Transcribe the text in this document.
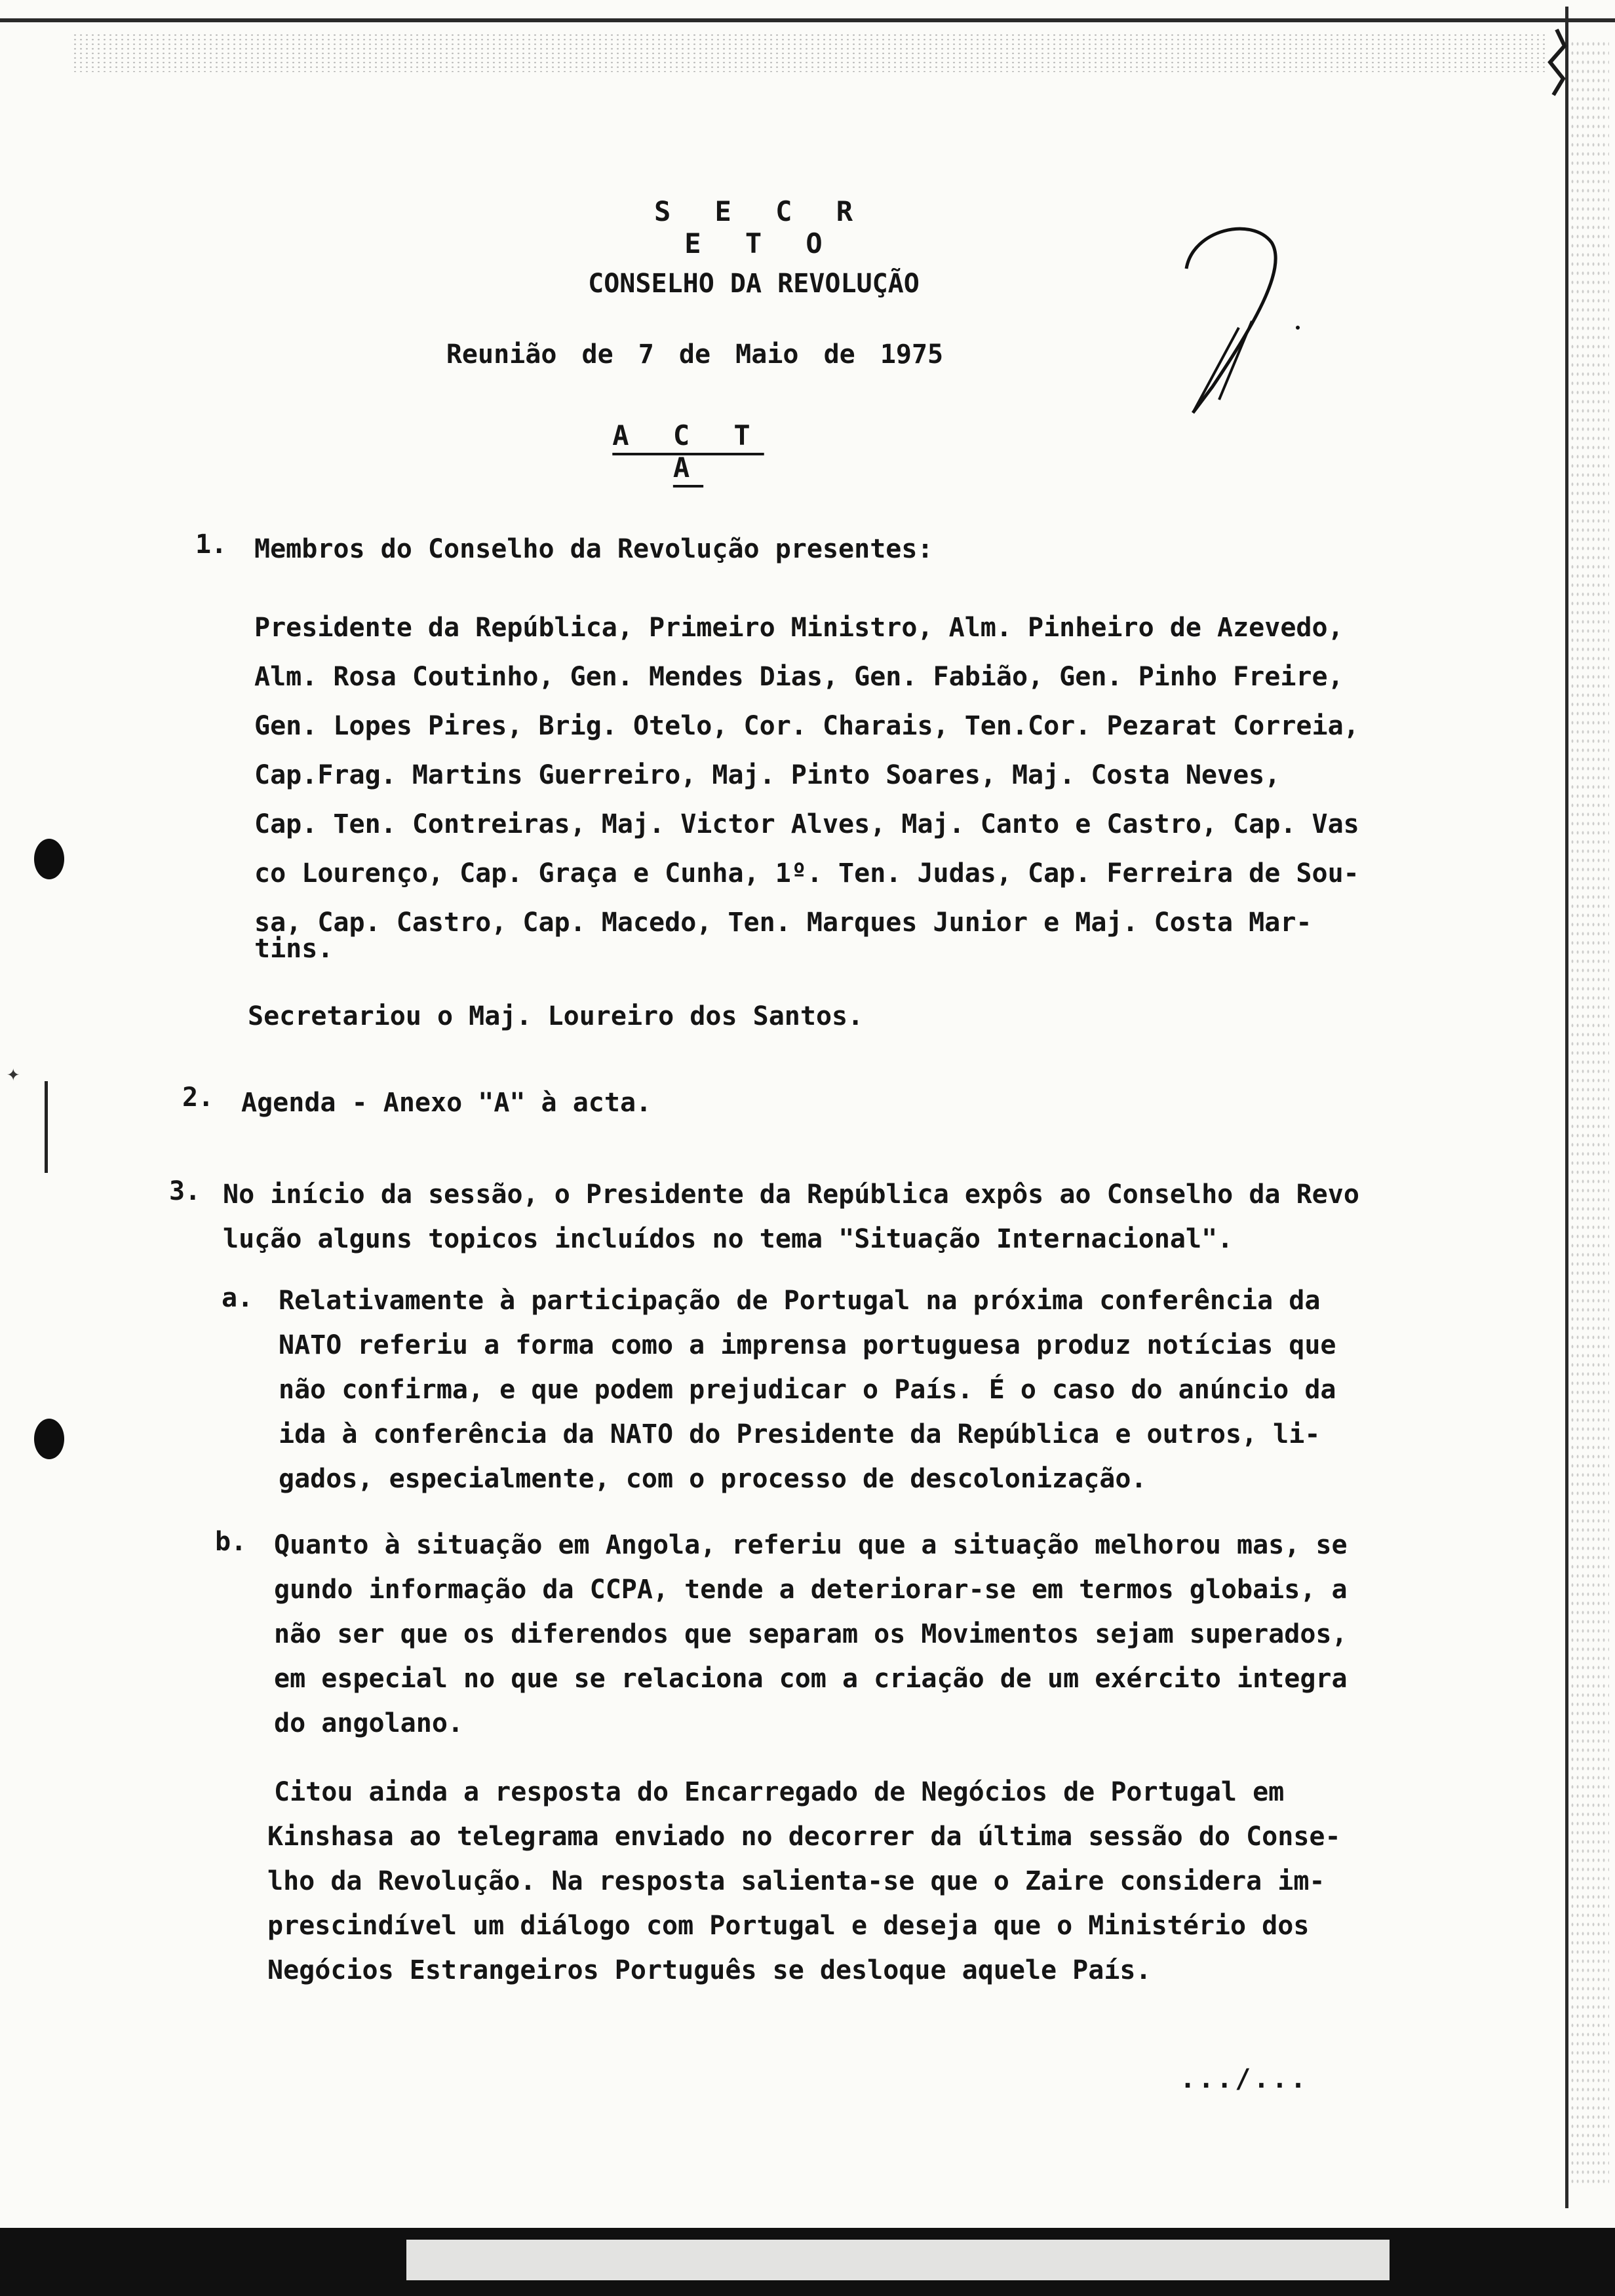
✦
S E C R E T O
CONSELHO DA REVOLUÇÃO
Reunião de 7 de Maio de 1975
A C T A
1. Membros do Conselho da Revolução presentes:
Presidente da República, Primeiro Ministro, Alm. Pinheiro de Azevedo,
Alm. Rosa Coutinho, Gen. Mendes Dias, Gen. Fabião, Gen. Pinho Freire,
Gen. Lopes Pires, Brig. Otelo, Cor. Charais, Ten.Cor. Pezarat Correia,
Cap.Frag. Martins Guerreiro, Maj. Pinto Soares, Maj. Costa Neves,
Cap. Ten. Contreiras, Maj. Victor Alves, Maj. Canto e Castro, Cap. Vas
co Lourenço, Cap. Graça e Cunha, 1º. Ten. Judas, Cap. Ferreira de Sou-
sa, Cap. Castro, Cap. Macedo, Ten. Marques Junior e Maj. Costa Mar-
tins.
Secretariou o Maj. Loureiro dos Santos.
2. Agenda - Anexo "A" à acta.
3. No início da sessão, o Presidente da República expôs ao Conselho da Revo
lução alguns topicos incluídos no tema "Situação Internacional".
a. Relativamente à participação de Portugal na próxima conferência da
NATO referiu a forma como a imprensa portuguesa produz notícias que
não confirma, e que podem prejudicar o País. É o caso do anúncio da
ida à conferência da NATO do Presidente da República e outros, li-
gados, especialmente, com o processo de descolonização.
b. Quanto à situação em Angola, referiu que a situação melhorou mas, se
gundo informação da CCPA, tende a deteriorar-se em termos globais, a
não ser que os diferendos que separam os Movimentos sejam superados,
em especial no que se relaciona com a criação de um exército integra
do angolano.
Citou ainda a resposta do Encarregado de Negócios de Portugal em
Kinshasa ao telegrama enviado no decorrer da última sessão do Conse-
lho da Revolução. Na resposta salienta-se que o Zaire considera im-
prescindível um diálogo com Portugal e deseja que o Ministério dos
Negócios Estrangeiros Português se desloque aquele País.
.../...
